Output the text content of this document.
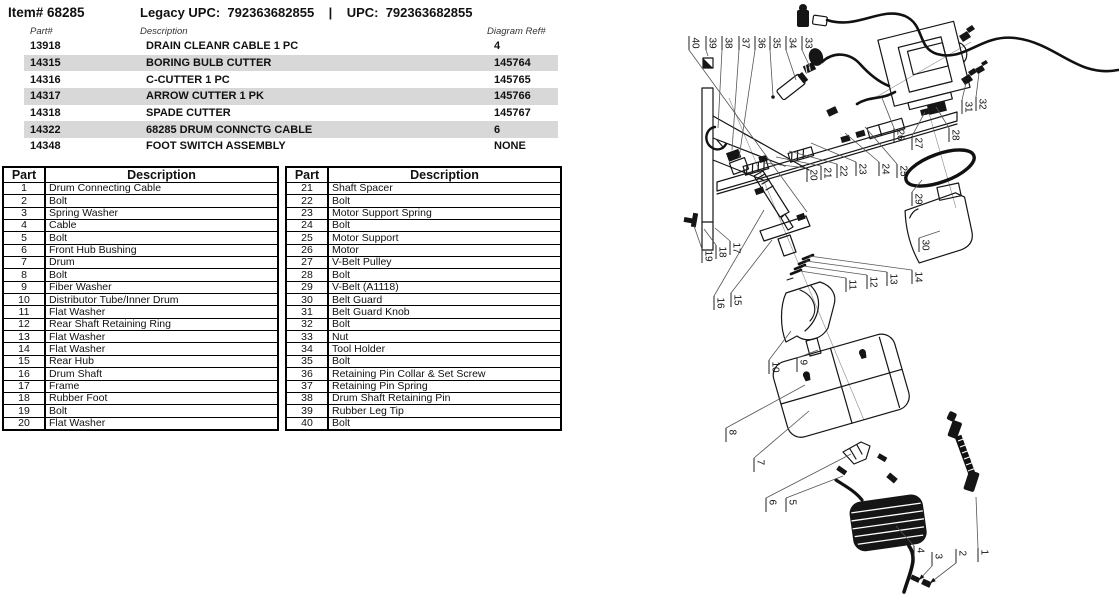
Item# 68285	Legacy UPC:  792363682855    |    UPC:  792363682855
Part#	Description	Diagram Ref#
13918	DRAIN CLEANR CABLE 1 PC	4
14315	BORING BULB CUTTER	145764
14316	C-CUTTER 1 PC	145765
14317	ARROW CUTTER 1 PK	145766
14318	SPADE CUTTER	145767
14322	68285 DRUM CONNCTG CABLE	6
14348	FOOT SWITCH ASSEMBLY	NONE
Part	Description
1	Drum Connecting Cable
2	Bolt
3	Spring Washer
4	Cable
5	Bolt
6	Front Hub Bushing
7	Drum
8	Bolt
9	Fiber Washer
10	Distributor Tube/Inner Drum
11	Flat Washer
12	Rear Shaft Retaining Ring
13	Flat Washer
14	Flat Washer
15	Rear Hub
16	Drum Shaft
17	Frame
18	Rubber Foot
19	Bolt
20	Flat Washer
Part	Description
21	Shaft Spacer
22	Bolt
23	Motor Support Spring
24	Bolt
25	Motor Support
26	Motor
27	V-Belt Pulley
28	Bolt
29	V-Belt (A1118)
30	Belt Guard
31	Belt Guard Knob
32	Bolt
33	Nut
34	Tool Holder
35	Bolt
36	Retaining Pin Collar & Set Screw
37	Retaining Pin Spring
38	Drum Shaft Retaining Pin
39	Rubber Leg Tip
40	Bolt
1
2
3
4
5
6
7
8
9
10
11 12 13 14
15
16
17
18
19
20 21 22 23 24 25
26
27
28
29
30
31 32
33
34
35
36
37
38
39
40
